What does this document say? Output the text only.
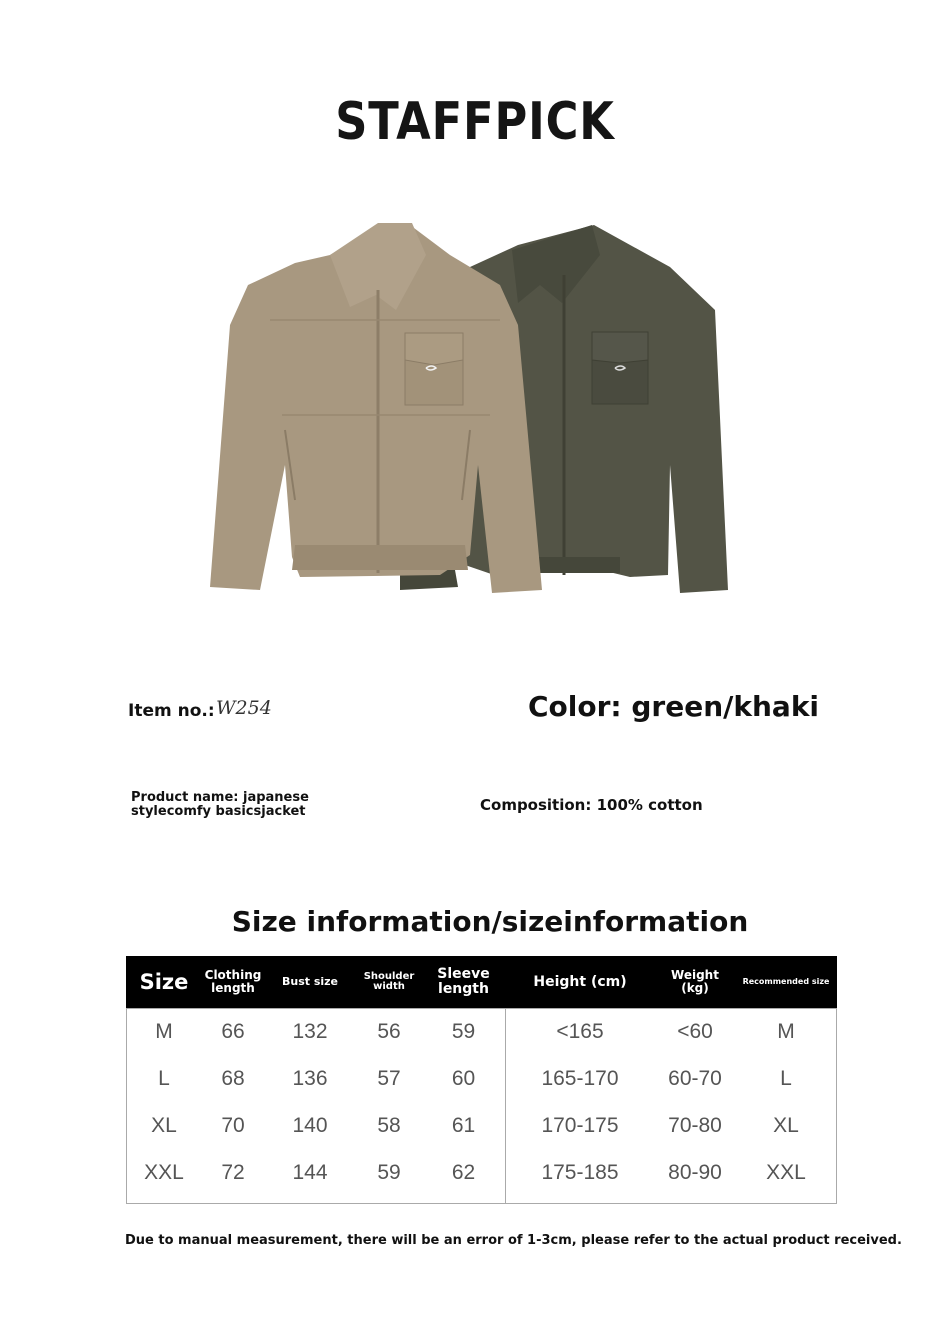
STAFFPICK
Item no.: W254	Color: green/khaki
Product name: japanese stylecomfy basicsjacket	Composition: 100% cotton
Size information/sizeinformation
Size	Clothing length	Bust size	Shoulder width	Sleeve length	Height (cm)	Weight (kg)	Recommended size
M	66	132	56	59	<165	<60	M
L	68	136	57	60	165-170	60-70	L
XL	70	140	58	61	170-175	70-80	XL
XXL	72	144	59	62	175-185	80-90	XXL
Due to manual measurement, there will be an error of 1-3cm, please refer to the actual product received.
